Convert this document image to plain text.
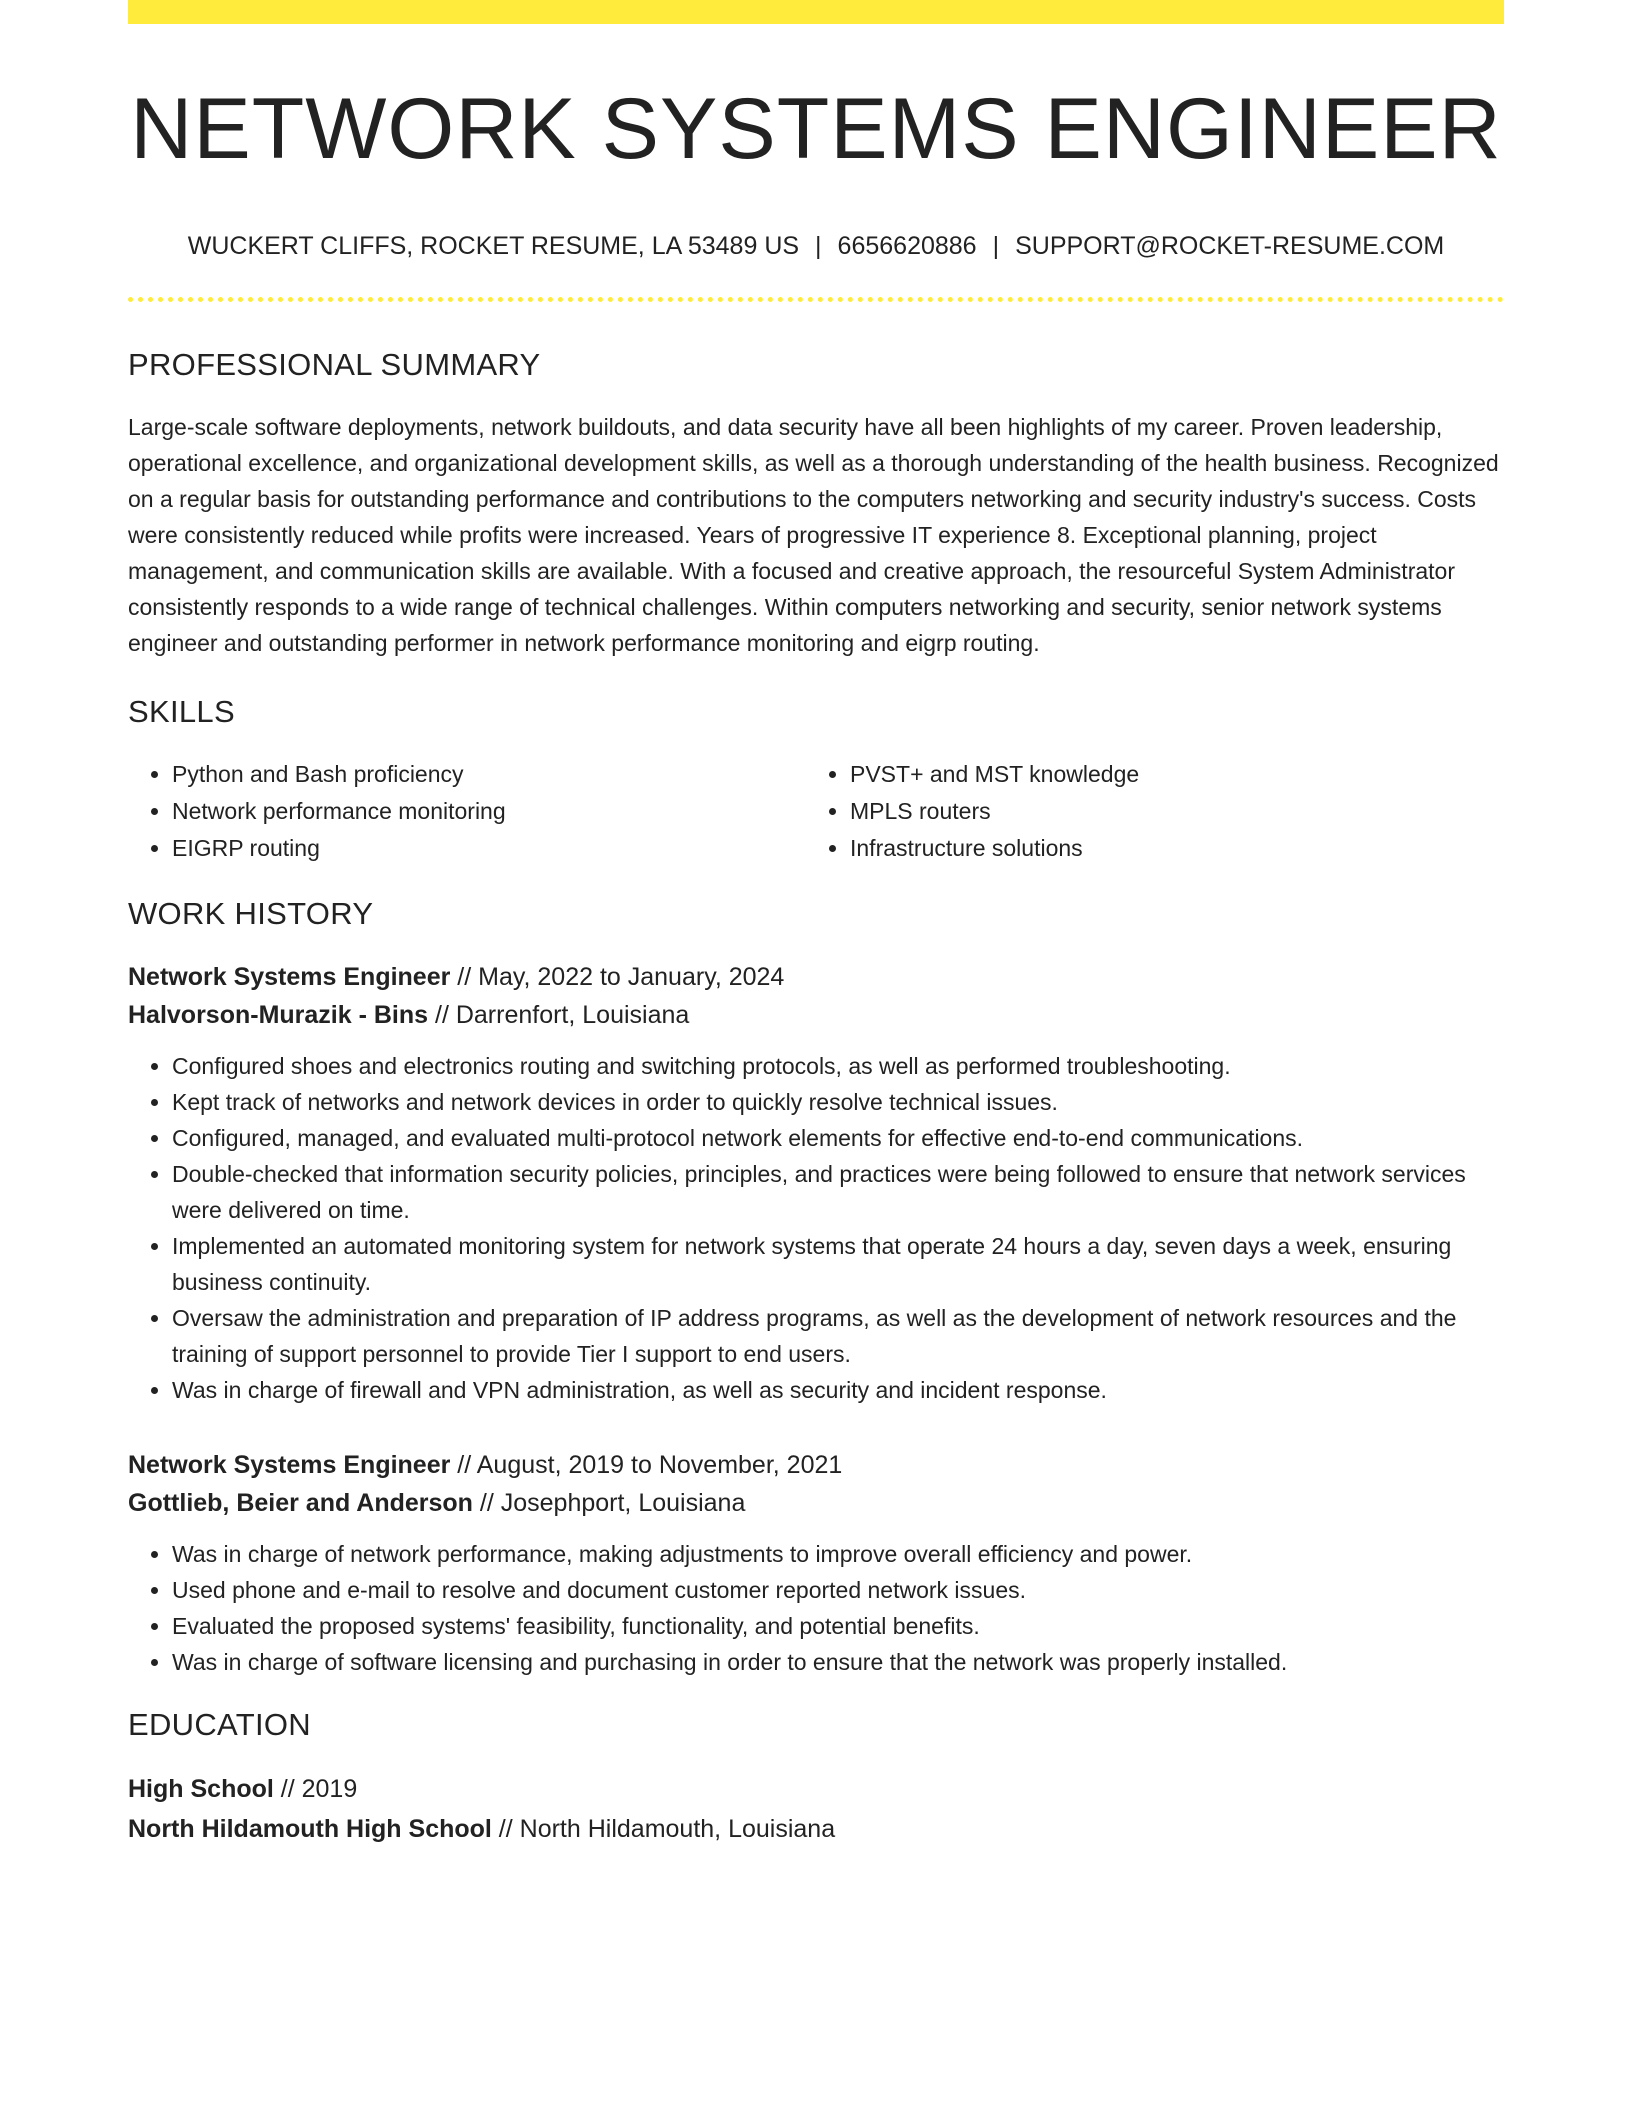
NETWORK SYSTEMS ENGINEER
WUCKERT CLIFFS, ROCKET RESUME, LA 53489 US | 6656620886 | SUPPORT@ROCKET-RESUME.COM
PROFESSIONAL SUMMARY

Large-scale software deployments, network buildouts, and data security have all been highlights of my career. Proven leadership, operational excellence, and organizational development skills, as well as a thorough understanding of the health business. Recognized on a regular basis for outstanding performance and contributions to the computers networking and security industry's success. Costs were consistently reduced while profits were increased. Years of progressive IT experience 8. Exceptional planning, project management, and communication skills are available. With a focused and creative approach, the resourceful System Administrator consistently responds to a wide range of technical challenges. Within computers networking and security, senior network systems engineer and outstanding performer in network performance monitoring and eigrp routing.

SKILLS
• Python and Bash proficiency
• Network performance monitoring
• EIGRP routing
• PVST+ and MST knowledge
• MPLS routers
• Infrastructure solutions
WORK HISTORY
Network Systems Engineer // May, 2022 to January, 2024
Halvorson-Murazik - Bins // Darrenfort, Louisiana
• Configured shoes and electronics routing and switching protocols, as well as performed troubleshooting.
• Kept track of networks and network devices in order to quickly resolve technical issues.
• Configured, managed, and evaluated multi-protocol network elements for effective end-to-end communications.
• Double-checked that information security policies, principles, and practices were being followed to ensure that network services were delivered on time.
• Implemented an automated monitoring system for network systems that operate 24 hours a day, seven days a week, ensuring business continuity.
• Oversaw the administration and preparation of IP address programs, as well as the development of network resources and the training of support personnel to provide Tier I support to end users.
• Was in charge of firewall and VPN administration, as well as security and incident response.
Network Systems Engineer // August, 2019 to November, 2021
Gottlieb, Beier and Anderson // Josephport, Louisiana
• Was in charge of network performance, making adjustments to improve overall efficiency and power.
• Used phone and e-mail to resolve and document customer reported network issues.
• Evaluated the proposed systems' feasibility, functionality, and potential benefits.
• Was in charge of software licensing and purchasing in order to ensure that the network was properly installed.
EDUCATION
High School // 2019
North Hildamouth High School // North Hildamouth, Louisiana
